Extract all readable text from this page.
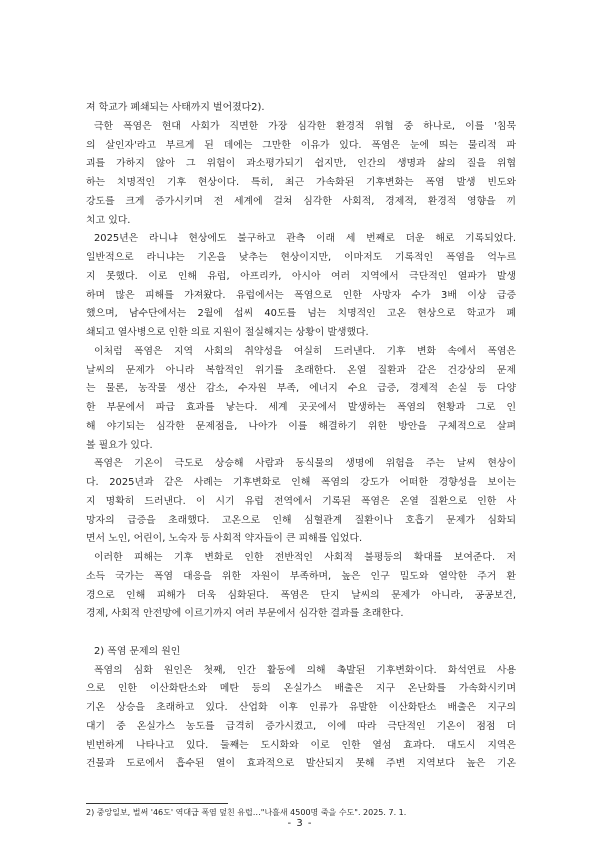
져 학교가 폐쇄되는 사태까지 벌어졌다2).
극한 폭염은 현대 사회가 직면한 가장 심각한 환경적 위협 중 하나로, 이를 '침묵
의 살인자'라고 부르게 된 데에는 그만한 이유가 있다. 폭염은 눈에 띄는 물리적 파
괴를 가하지 않아 그 위험이 과소평가되기 쉽지만, 인간의 생명과 삶의 질을 위협
하는 치명적인 기후 현상이다. 특히, 최근 가속화된 기후변화는 폭염 발생 빈도와
강도를 크게 증가시키며 전 세계에 걸쳐 심각한 사회적, 경제적, 환경적 영향을 끼
치고 있다.
2025년은 라니냐 현상에도 불구하고 관측 이래 세 번째로 더운 해로 기록되었다.
일반적으로 라니냐는 기온을 낮추는 현상이지만, 이마저도 기록적인 폭염을 억누르
지 못했다. 이로 인해 유럽, 아프리카, 아시아 여러 지역에서 극단적인 열파가 발생
하며 많은 피해를 가져왔다. 유럽에서는 폭염으로 인한 사망자 수가 3배 이상 급증
했으며, 남수단에서는 2월에 섭씨 40도를 넘는 치명적인 고온 현상으로 학교가 폐
쇄되고 열사병으로 인한 의료 지원이 절실해지는 상황이 발생했다.
이처럼 폭염은 지역 사회의 취약성을 여실히 드러낸다. 기후 변화 속에서 폭염은
날씨의 문제가 아니라 복합적인 위기를 초래한다. 온열 질환과 같은 건강상의 문제
는 물론, 농작물 생산 감소, 수자원 부족, 에너지 수요 급증, 경제적 손실 등 다양
한 부문에서 파급 효과를 낳는다. 세계 곳곳에서 발생하는 폭염의 현황과 그로 인
해 야기되는 심각한 문제점을, 나아가 이를 해결하기 위한 방안을 구체적으로 살펴
볼 필요가 있다.
폭염은 기온이 극도로 상승해 사람과 동식물의 생명에 위험을 주는 날씨 현상이
다. 2025년과 같은 사례는 기후변화로 인해 폭염의 강도가 어떠한 경향성을 보이는
지 명확히 드러낸다. 이 시기 유럽 전역에서 기록된 폭염은 온열 질환으로 인한 사
망자의 급증을 초래했다. 고온으로 인해 심혈관계 질환이나 호흡기 문제가 심화되
면서 노인, 어린이, 노숙자 등 사회적 약자들이 큰 피해를 입었다.
이러한 피해는 기후 변화로 인한 전반적인 사회적 불평등의 확대를 보여준다. 저
소득 국가는 폭염 대응을 위한 자원이 부족하며, 높은 인구 밀도와 열악한 주거 환
경으로 인해 피해가 더욱 심화된다. 폭염은 단지 날씨의 문제가 아니라, 공공보건,
경제, 사회적 안전망에 이르기까지 여러 부문에서 심각한 결과를 초래한다.
2) 폭염 문제의 원인
폭염의 심화 원인은 첫째, 인간 활동에 의해 촉발된 기후변화이다. 화석연료 사용
으로 인한 이산화탄소와 메탄 등의 온실가스 배출은 지구 온난화를 가속화시키며
기온 상승을 초래하고 있다. 산업화 이후 인류가 유발한 이산화탄소 배출은 지구의
대기 중 온실가스 농도를 급격히 증가시켰고, 이에 따라 극단적인 기온이 점점 더
빈번하게 나타나고 있다. 둘째는 도시화와 이로 인한 열섬 효과다. 대도시 지역은
건물과 도로에서 흡수된 열이 효과적으로 발산되지 못해 주변 지역보다 높은 기온
2) 중앙일보, 벌써 '46도' 역대급 폭염 덮친 유럽…"나흘새 4500명 죽을 수도". 2025. 7. 1.
- 3 -
